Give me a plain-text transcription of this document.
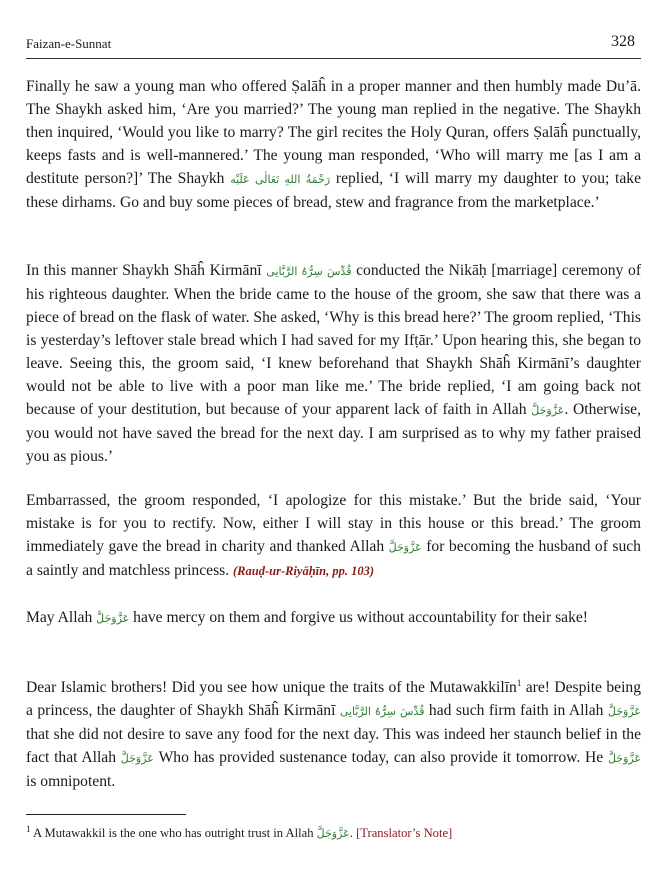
Faizan-e-Sunnat	328

Finally he saw a young man who offered Ṣalāĥ in a proper manner and then humbly made Du’ā. The Shaykh asked him, ‘Are you married?’ The young man replied in the negative. The Shaykh then inquired, ‘Would you like to marry? The girl recites the Holy Quran, offers Ṣalāĥ punctually, keeps fasts and is well-mannered.’ The young man responded, ‘Who will marry me [as I am a destitute person?]’ The Shaykh رَحْمَةُ اللهِ تَعَالٰی عَلَيْه replied, ‘I will marry my daughter to you; take these dirhams. Go and buy some pieces of bread, stew and fragrance from the marketplace.’

In this manner Shaykh Shāĥ Kirmānī قُدِّسَ سِرُّهُ الرَّبَّانِی conducted the Nikāḥ [marriage] ceremony of his righteous daughter. When the bride came to the house of the groom, she saw that there was a piece of bread on the flask of water. She asked, ‘Why is this bread here?’ The groom replied, ‘This is yesterday’s leftover stale bread which I had saved for my Ifṭār.’ Upon hearing this, she began to leave. Seeing this, the groom said, ‘I knew beforehand that Shaykh Shāĥ Kirmānī’s daughter would not be able to live with a poor man like me.’ The bride replied, ‘I am going back not because of your destitution, but because of your apparent lack of faith in Allah عَزَّوَجَلَّ. Otherwise, you would not have saved the bread for the next day. I am surprised as to why my father praised you as pious.’

Embarrassed, the groom responded, ‘I apologize for this mistake.’ But the bride said, ‘Your mistake is for you to rectify. Now, either I will stay in this house or this bread.’ The groom immediately gave the bread in charity and thanked Allah عَزَّوَجَلَّ for becoming the husband of such a saintly and matchless princess. (Rauḍ-ur-Riyāḥīn, pp. 103)

May Allah عَزَّوَجَلَّ have mercy on them and forgive us without accountability for their sake!

Dear Islamic brothers! Did you see how unique the traits of the Mutawakkilīn$^1$ are! Despite being a princess, the daughter of Shaykh Shāĥ Kirmānī قُدِّسَ سِرُّهُ الرَّبَّانِی had such firm faith in Allah عَزَّوَجَلَّ that she did not desire to save any food for the next day. This was indeed her staunch belief in the fact that Allah عَزَّوَجَلَّ Who has provided sustenance today, can also provide it tomorrow. He عَزَّوَجَلَّ is omnipotent.

$^1$ A Mutawakkil is the one who has outright trust in Allah عَزَّوَجَلَّ. [Translator’s Note]
